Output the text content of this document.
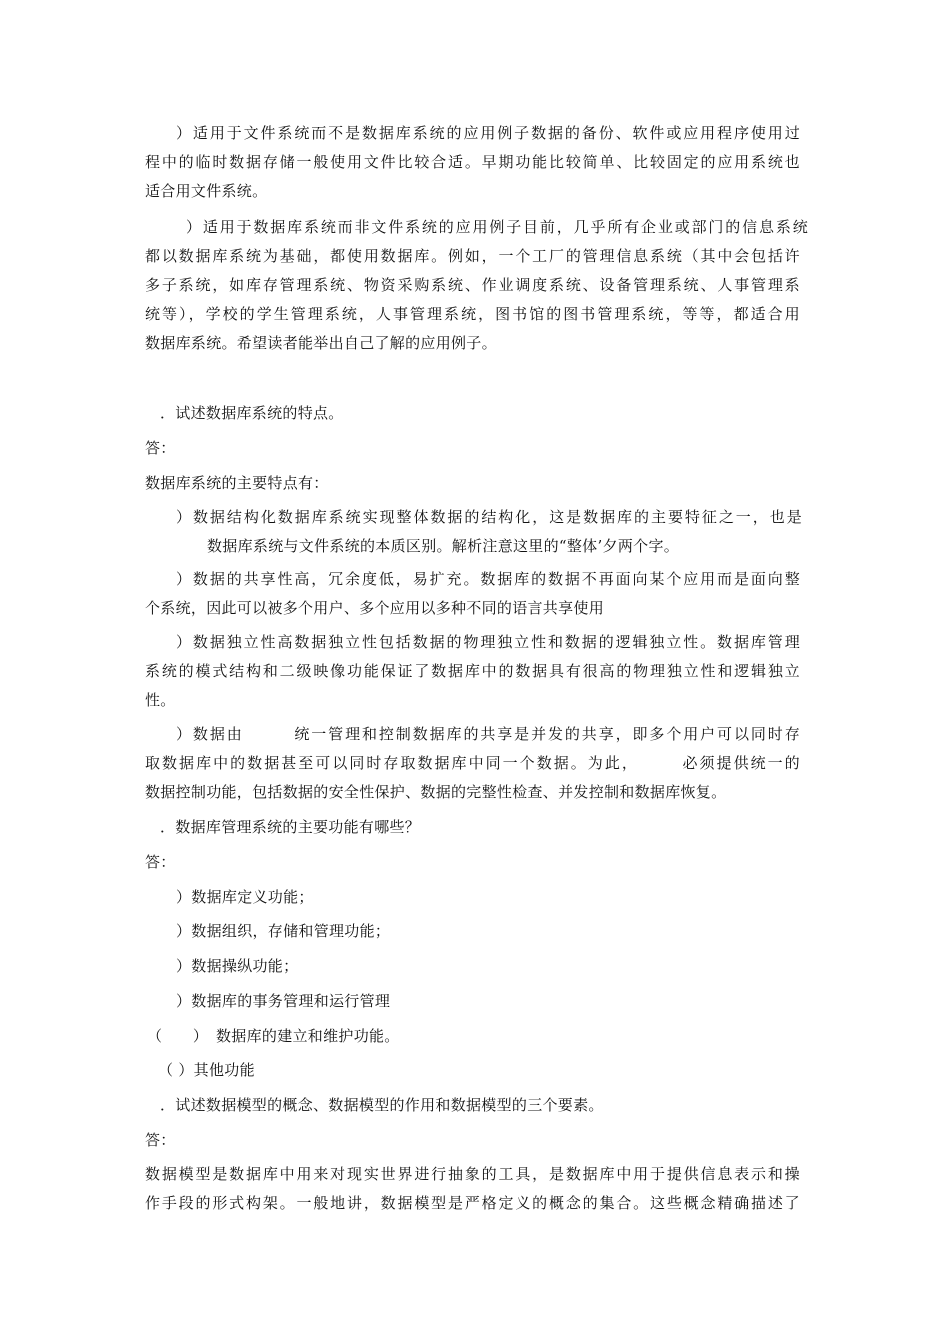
）适用于文件系统而不是数据库系统的应用例子数据的备份、软件或应用程序使用过

程中的临时数据存储一般使用文件比较合适。早期功能比较简单、比较固定的应用系统也

适合用文件系统。

）适用于数据库系统而非文件系统的应用例子目前，几乎所有企业或部门的信息系统

都以数据库系统为基础，都使用数据库。例如，一个工厂的管理信息系统（其中会包括许

多子系统，如库存管理系统、物资采购系统、作业调度系统、设备管理系统、人事管理系

统等），学校的学生管理系统，人事管理系统，图书馆的图书管理系统，等等，都适合用

数据库系统。希望读者能举出自己了解的应用例子。

．试述数据库系统的特点。

答：

数据库系统的主要特点有：

）数据结构化数据库系统实现整体数据的结构化，这是数据库的主要特征之一，也是

数据库系统与文件系统的本质区别。解析注意这里的“整体’夕两个字。

）数据的共享性高，冗余度低，易扩充。数据库的数据不再面向某个应用而是面向整

个系统，因此可以被多个用户、多个应用以多种不同的语言共享使用

）数据独立性高数据独立性包括数据的物理独立性和数据的逻辑独立性。数据库管理

系统的模式结构和二级映像功能保证了数据库中的数据具有很高的物理独立性和逻辑独立

性。

）数据由　　　统一管理和控制数据库的共享是并发的共享，即多个用户可以同时存

取数据库中的数据甚至可以同时存取数据库中同一个数据。为此，　　　必须提供统一的

数据控制功能，包括数据的安全性保护、数据的完整性检查、并发控制和数据库恢复。

．数据库管理系统的主要功能有哪些？

答：

）数据库定义功能；

）数据组织，存储和管理功能；

）数据操纵功能；

）数据库的事务管理和运行管理

（　　）　数据库的建立和维护功能。

（ ）其他功能

．试述数据模型的概念、数据模型的作用和数据模型的三个要素。

答：

数据模型是数据库中用来对现实世界进行抽象的工具，是数据库中用于提供信息表示和操

作手段的形式构架。一般地讲，数据模型是严格定义的概念的集合。这些概念精确描述了
